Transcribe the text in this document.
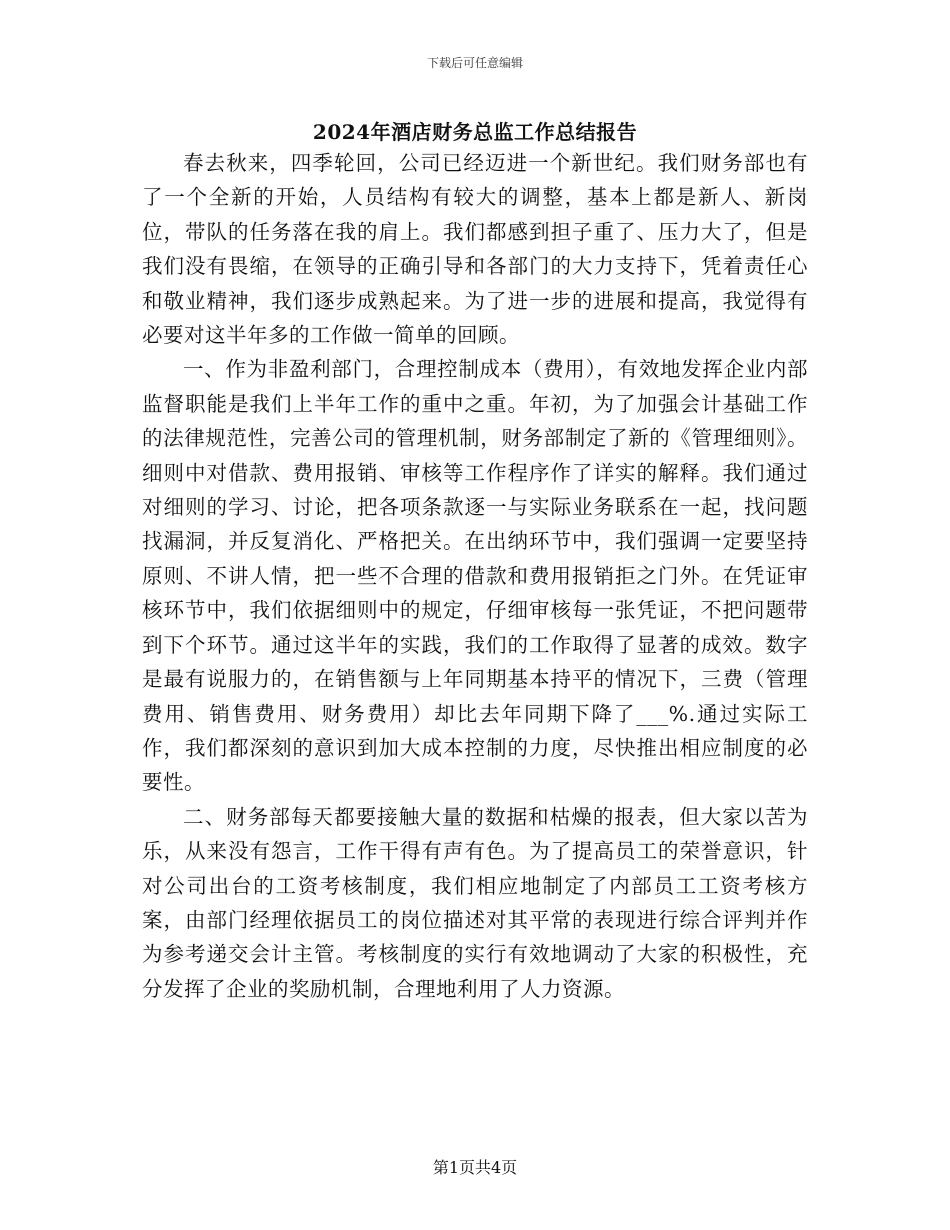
下载后可任意编辑
2024年酒店财务总监工作总结报告

春去秋来，四季轮回，公司已经迈进一个新世纪。我们财务部也有了一个全新的开始，人员结构有较大的调整，基本上都是新人、新岗位，带队的任务落在我的肩上。我们都感到担子重了、压力大了，但是我们没有畏缩，在领导的正确引导和各部门的大力支持下，凭着责任心和敬业精神，我们逐步成熟起来。为了进一步的进展和提高，我觉得有必要对这半年多的工作做一简单的回顾。

一、作为非盈利部门，合理控制成本（费用），有效地发挥企业内部监督职能是我们上半年工作的重中之重。年初，为了加强会计基础工作的法律规范性，完善公司的管理机制，财务部制定了新的《管理细则》。细则中对借款、费用报销、审核等工作程序作了详实的解释。我们通过对细则的学习、讨论，把各项条款逐一与实际业务联系在一起，找问题找漏洞，并反复消化、严格把关。在出纳环节中，我们强调一定要坚持原则、不讲人情，把一些不合理的借款和费用报销拒之门外。在凭证审核环节中，我们依据细则中的规定，仔细审核每一张凭证，不把问题带到下个环节。通过这半年的实践，我们的工作取得了显著的成效。数字是最有说服力的，在销售额与上年同期基本持平的情况下，三费（管理费用、销售费用、财务费用）却比去年同期下降了___%.通过实际工作，我们都深刻的意识到加大成本控制的力度，尽快推出相应制度的必要性。

二、财务部每天都要接触大量的数据和枯燥的报表，但大家以苦为乐，从来没有怨言，工作干得有声有色。为了提高员工的荣誉意识，针对公司出台的工资考核制度，我们相应地制定了内部员工工资考核方案，由部门经理依据员工的岗位描述对其平常的表现进行综合评判并作为参考递交会计主管。考核制度的实行有效地调动了大家的积极性，充分发挥了企业的奖励机制，合理地利用了人力资源。

第1页共4页
